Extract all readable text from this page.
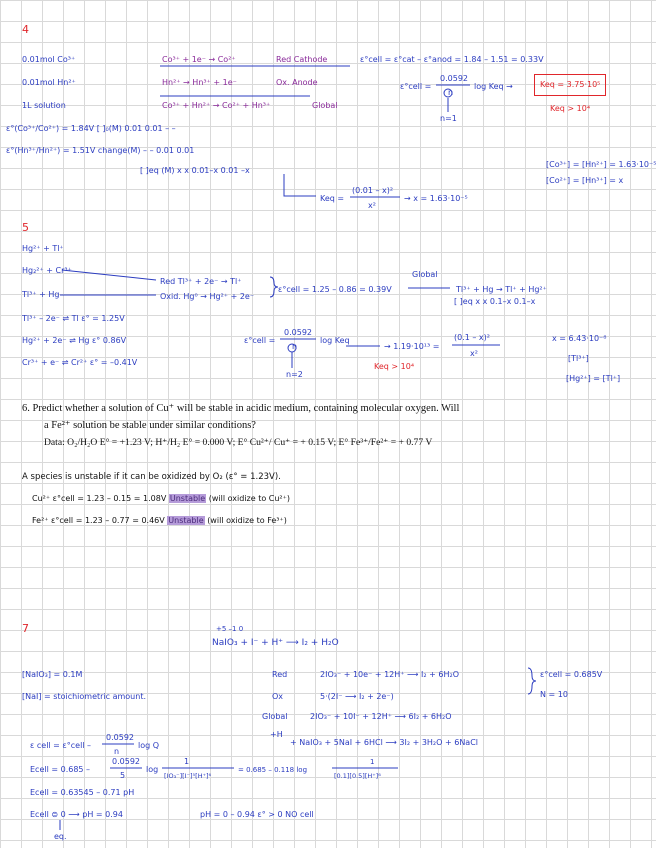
4
0.01mol Co³⁺
0.01mol Hn²⁺
1L solution
ε°(Co³⁺/Co²⁺) = 1.84V [ ]₀(M) 0.01 0.01 – –
ε°(Hn³⁺/Hn²⁺) = 1.51V change(M) – – 0.01 0.01
[ ]eq (M) x x 0.01–x 0.01 –x
Co³⁺ + 1e⁻ → Co²⁺	Red Cathode
Hn²⁺ → Hn³⁺ + 1e⁻	Ox. Anode
Co³⁺ + Hn²⁺ → Co²⁺ + Hn³⁺	Global
ε°cell = ε°cat – ε°anod = 1.84 – 1.51 = 0.33V
ε°cell =
0.0592
n
log Keq →
n=1
Keq = 3.75·10⁵
Keq > 10⁴
Keq =
(0.01 – x)²
x²
→ x = 1.63·10⁻⁵
[Co³⁺] = [Hn²⁺] = 1.63·10⁻⁵
[Co²⁺] = [Hn³⁺] = x
5
Hg²⁺ + Tl⁺
Hg₂²⁺ + Cr³⁺
Tl³⁺ + Hg
Tl³⁺ – 2e⁻ ⇌ Tl ε° = 1.25V
Hg²⁺ + 2e⁻ ⇌ Hg ε° 0.86V
Cr³⁺ + e⁻ ⇌ Cr²⁺ ε° = –0.41V
Red Tl³⁺ + 2e⁻ → Tl⁺
Oxid. Hg⁰ → Hg²⁺ + 2e⁻
ε°cell = 1.25 – 0.86 = 0.39V
Global
Tl³⁺ + Hg → Tl⁺ + Hg²⁺
[ ]eq x x 0.1–x 0.1–x
ε°cell =
0.0592
n
log Keq
n=2
→ 1.19·10¹³ =
(0.1 – x)²
x²
Keq > 10⁴
x = 6.43·10⁻⁸
[Tl³⁺]
[Hg²⁺] = [Tl⁺]
6. Predict whether a solution of Cu⁺ will be stable in acidic medium, containing molecular oxygen. Will
a Fe²⁺ solution be stable under similar conditions?
Data: O₂/H₂O E° = +1.23 V; H⁺/H₂ E° = 0.000 V; E° Cu²⁺/ Cu⁺ = + 0.15 V; E° Fe³⁺/Fe²⁺ = + 0.77 V
A species is unstable if it can be oxidized by O₂ (ε° = 1.23V).
Cu²⁺ ε°cell = 1.23 – 0.15 = 1.08V Unstable (will oxidize to Cu²⁺)
Fe²⁺ ε°cell = 1.23 – 0.77 = 0.46V Unstable (will oxidize to Fe³⁺)
7	+5 –1 0
NaIO₃ + I⁻ + H⁺ ⟶ I₂ + H₂O
[NaIO₃] = 0.1M
[NaI] = stoichiometric amount.
Red	2IO₃⁻ + 10e⁻ + 12H⁺ ⟶ I₂ + 6H₂O
Ox	5·(2I⁻ ⟶ I₂ + 2e⁻)
ε°cell = 0.685V
N = 10
Global	2IO₃⁻ + 10I⁻ + 12H⁺ ⟶ 6I₂ + 6H₂O
+H
+ NaIO₃ + 5NaI + 6HCl ⟶ 3I₂ + 3H₂O + 6NaCl
ε cell = ε°cell –
0.0592
n
log Q
Ecell = 0.685 –
0.0592
5
log
1
[IO₃⁻][I⁻]⁵[H⁺]⁶
= 0.685 – 0.118 log
1
[0.1][0.5][H⁺]⁶
Ecell = 0.63545 – 0.71 pH
Ecell ⊜ 0 ⟶ pH = 0.94
eq.
pH = 0 – 0.94 ε° > 0 NO cell
